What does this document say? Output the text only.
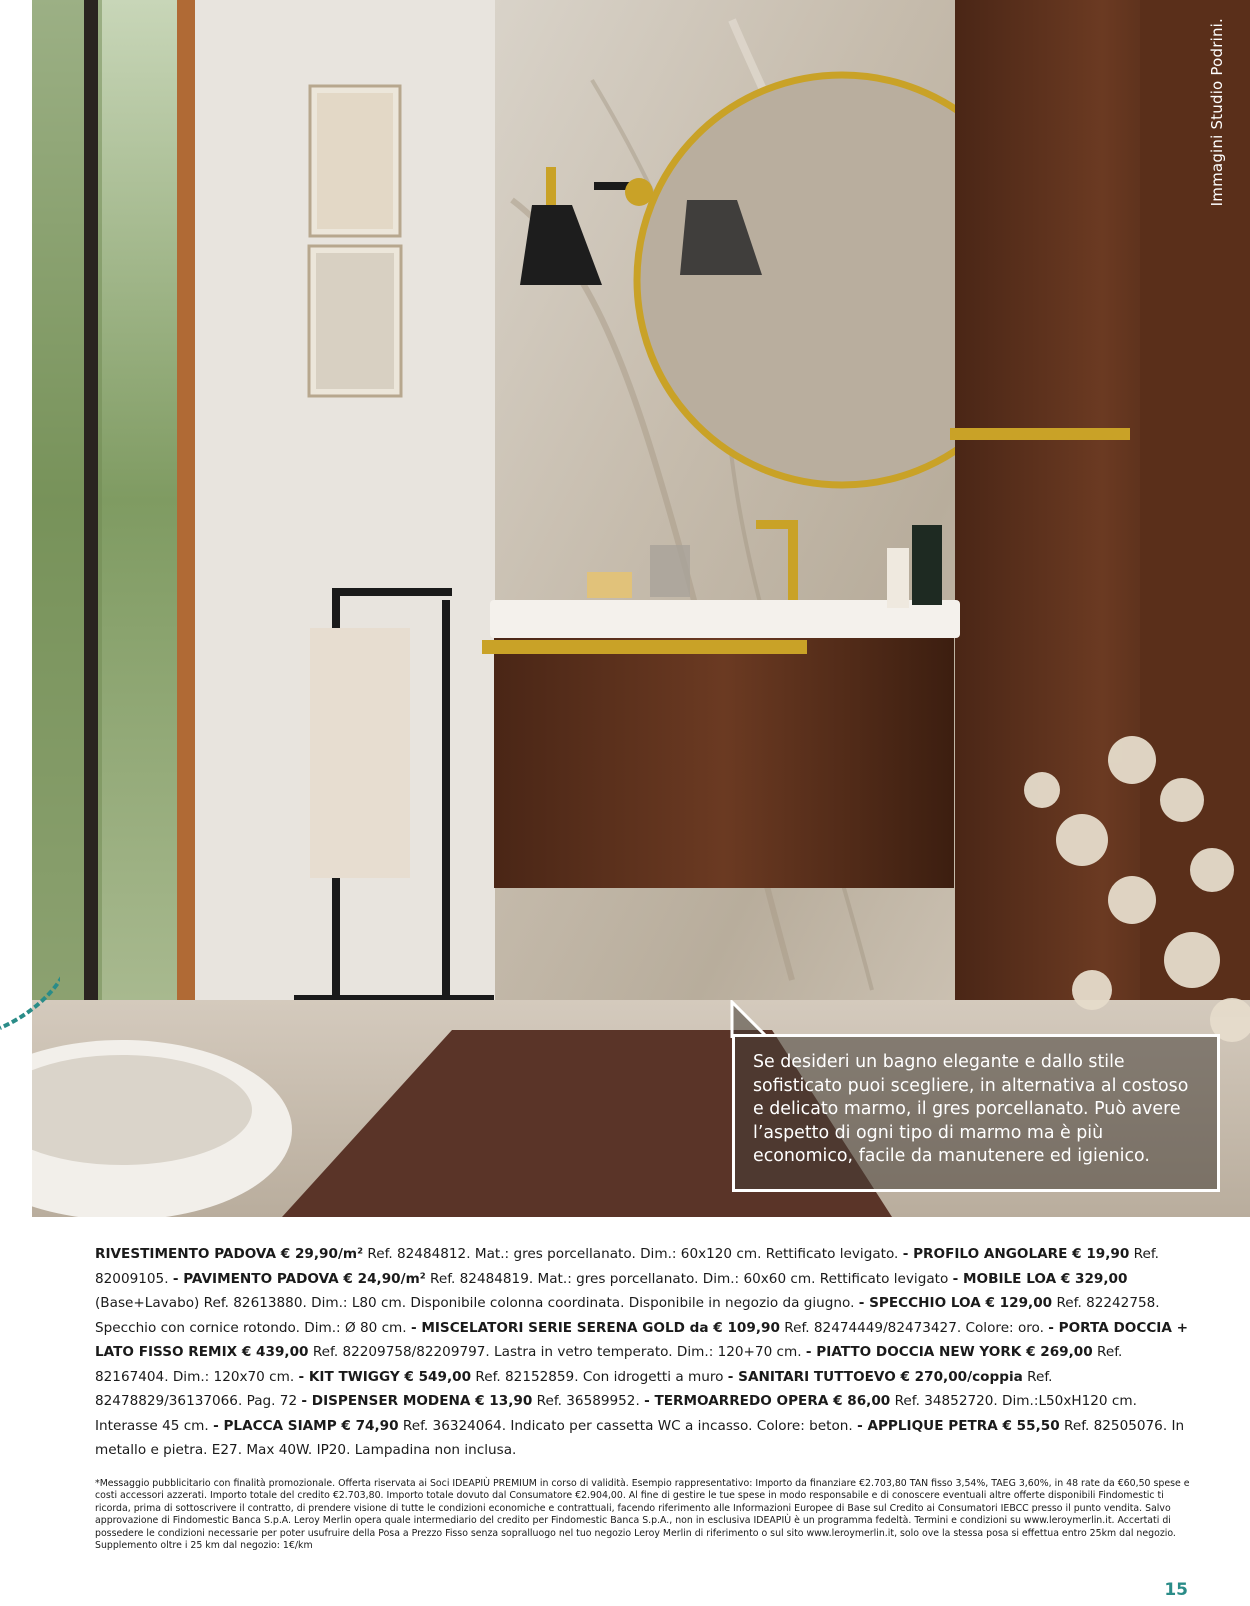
Immagini Studio Podrini.
Se desideri un bagno elegante e dallo stile sofisticato puoi scegliere, in alternativa al costoso e delicato marmo, il gres porcellanato. Può avere l’aspetto di ogni tipo di marmo ma è più economico, facile da manutenere ed igienico.
RIVESTIMENTO PADOVA € 29,90/m² Ref. 82484812. Mat.: gres porcellanato. Dim.: 60x120 cm. Rettificato levigato. - PROFILO ANGOLARE € 19,90 Ref. 82009105. - PAVIMENTO PADOVA € 24,90/m² Ref. 82484819. Mat.: gres porcellanato. Dim.: 60x60 cm. Rettificato levigato - MOBILE LOA € 329,00 (Base+Lavabo) Ref. 82613880. Dim.: L80 cm. Disponibile colonna coordinata. Disponibile in negozio da giugno. - SPECCHIO LOA € 129,00 Ref. 82242758. Specchio con cornice rotondo. Dim.: Ø 80 cm. - MISCELATORI SERIE SERENA GOLD da € 109,90 Ref. 82474449/82473427. Colore: oro. - PORTA DOCCIA + LATO FISSO REMIX € 439,00 Ref. 82209758/82209797. Lastra in vetro temperato. Dim.: 120+70 cm. - PIATTO DOCCIA NEW YORK € 269,00 Ref. 82167404. Dim.: 120x70 cm. - KIT TWIGGY € 549,00 Ref. 82152859. Con idrogetti a muro - SANITARI TUTTOEVO € 270,00/coppia Ref. 82478829/36137066. Pag. 72 - DISPENSER MODENA € 13,90 Ref. 36589952. - TERMOARREDO OPERA € 86,00 Ref. 34852720. Dim.:L50xH120 cm. Interasse 45 cm. - PLACCA SIAMP € 74,90 Ref. 36324064. Indicato per cassetta WC a incasso. Colore: beton. - APPLIQUE PETRA € 55,50 Ref. 82505076. In metallo e pietra. E27. Max 40W. IP20. Lampadina non inclusa.
*Messaggio pubblicitario con finalità promozionale. Offerta riservata ai Soci IDEAPIÙ PREMIUM in corso di validità. Esempio rappresentativo: Importo da finanziare €2.703,80 TAN fisso 3,54%, TAEG 3,60%, in 48 rate da €60,50 spese e costi accessori azzerati. Importo totale del credito €2.703,80. Importo totale dovuto dal Consumatore €2.904,00. Al fine di gestire le tue spese in modo responsabile e di conoscere eventuali altre offerte disponibili Findomestic ti ricorda, prima di sottoscrivere il contratto, di prendere visione di tutte le condizioni economiche e contrattuali, facendo riferimento alle Informazioni Europee di Base sul Credito ai Consumatori IEBCC presso il punto vendita. Salvo approvazione di Findomestic Banca S.p.A. Leroy Merlin opera quale intermediario del credito per Findomestic Banca S.p.A., non in esclusiva IDEAPIÙ è un programma fedeltà. Termini e condizioni su www.leroymerlin.it. Accertati di possedere le condizioni necessarie per poter usufruire della Posa a Prezzo Fisso senza sopralluogo nel tuo negozio Leroy Merlin di riferimento o sul sito www.leroymerlin.it, solo ove la stessa posa si effettua entro 25km dal negozio. Supplemento oltre i 25 km dal negozio: 1€/km
15
